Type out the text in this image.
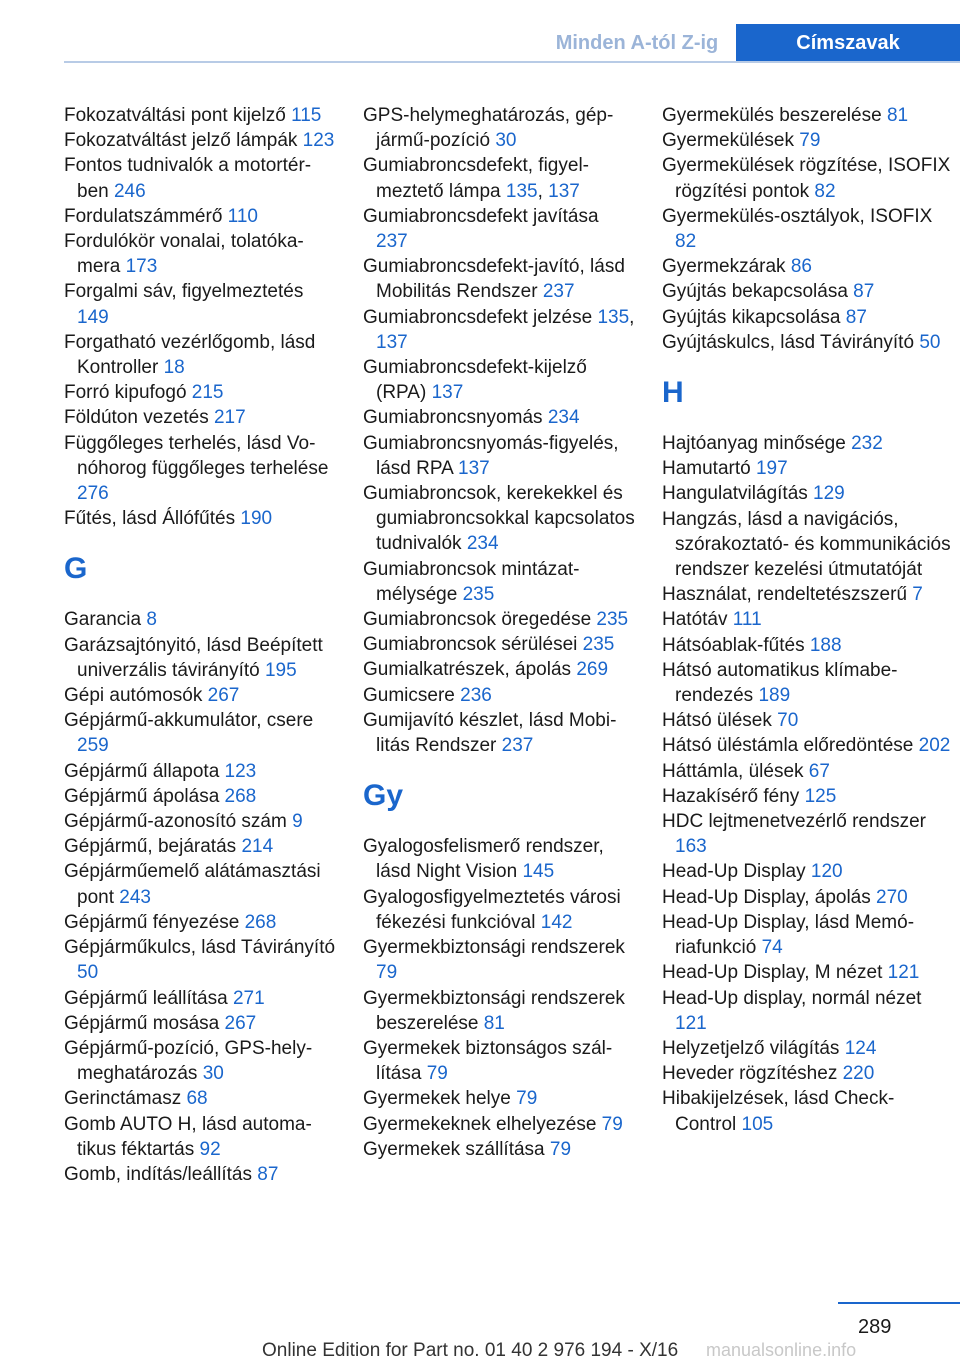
Minden A-tól Z-ig	Címszavak
Fokozatváltási pont kijelző 115
Fokozatváltást jelző lámpák 123
Fontos tudnivalók a motortérben 246
Fordulatszámmérő 110
Fordulókör vonalai, tolatókamera 173
Forgalmi sáv, figyelmeztetés 149
Forgatható vezérlőgomb, lásd Kontroller 18
Forró kipufogó 215
Földúton vezetés 217
Függőleges terhelés, lásd Vonóhorog függőleges terhelése 276
Fűtés, lásd Állófűtés 190
G
Garancia 8
Garázsajtónyitó, lásd Beépített univerzális távirányító 195
Gépi autómosók 267
Gépjármű-akkumulátor, csere 259
Gépjármű állapota 123
Gépjármű ápolása 268
Gépjármű-azonosító szám 9
Gépjármű, bejáratás 214
Gépjárműemelő alátámasztási pont 243
Gépjármű fényezése 268
Gépjárműkulcs, lásd Távirányító 50
Gépjármű leállítása 271
Gépjármű mosása 267
Gépjármű-pozíció, GPS-helymeghatározás 30
Gerinctámasz 68
Gomb AUTO H, lásd automatikus féktartás 92
Gomb, indítás/leállítás 87
GPS-helymeghatározás, gépjármű-pozíció 30
Gumiabroncsdefekt, figyelmeztető lámpa 135, 137
Gumiabroncsdefekt javítása 237
Gumiabroncsdefekt-javító, lásd Mobilitás Rendszer 237
Gumiabroncsdefekt jelzése 135, 137
Gumiabroncsdefekt-kijelző (RPA) 137
Gumiabroncsnyomás 234
Gumiabroncsnyomás-figyelés, lásd RPA 137
Gumiabroncsok, kerekekkel és gumiabroncsokkal kapcsolatos tudnivalók 234
Gumiabroncsok mintázatmélysége 235
Gumiabroncsok öregedése 235
Gumiabroncsok sérülései 235
Gumialkatrészek, ápolás 269
Gumicsere 236
Gumijavító készlet, lásd Mobilitás Rendszer 237
Gy
Gyalogosfelismerő rendszer, lásd Night Vision 145
Gyalogosfigyelmeztetés városi fékezési funkcióval 142
Gyermekbiztonsági rendszerek 79
Gyermekbiztonsági rendszerek beszerelése 81
Gyermekek biztonságos szállítása 79
Gyermekek helye 79
Gyermekeknek elhelyezése 79
Gyermekek szállítása 79
Gyermekülés beszerelése 81
Gyermekülések 79
Gyermekülések rögzítése, ISOFIX rögzítési pontok 82
Gyermekülés-osztályok, ISOFIX 82
Gyermekzárak 86
Gyújtás bekapcsolása 87
Gyújtás kikapcsolása 87
Gyújtáskulcs, lásd Távirányító 50
H
Hajtóanyag minősége 232
Hamutartó 197
Hangulatvilágítás 129
Hangzás, lásd a navigációs, szórakoztató- és kommunikációs rendszer kezelési útmutatóját
Használat, rendeltetészszerű 7
Hatótáv 111
Hátsóablak-fűtés 188
Hátsó automatikus klímaberendezés 189
Hátsó ülések 70
Hátsó üléstámla előredöntése 202
Háttámla, ülések 67
Hazakísérő fény 125
HDC lejtmenetvezérlő rendszer 163
Head-Up Display 120
Head-Up Display, ápolás 270
Head-Up Display, lásd Memóriafunkció 74
Head-Up Display, M nézet 121
Head-Up display, normál nézet 121
Helyzetjelző világítás 124
Heveder rögzítéshez 220
Hibakijelzések, lásd Check-Control 105
289
Online Edition for Part no. 01 40 2 976 194 - X/16 manualsonline.info
